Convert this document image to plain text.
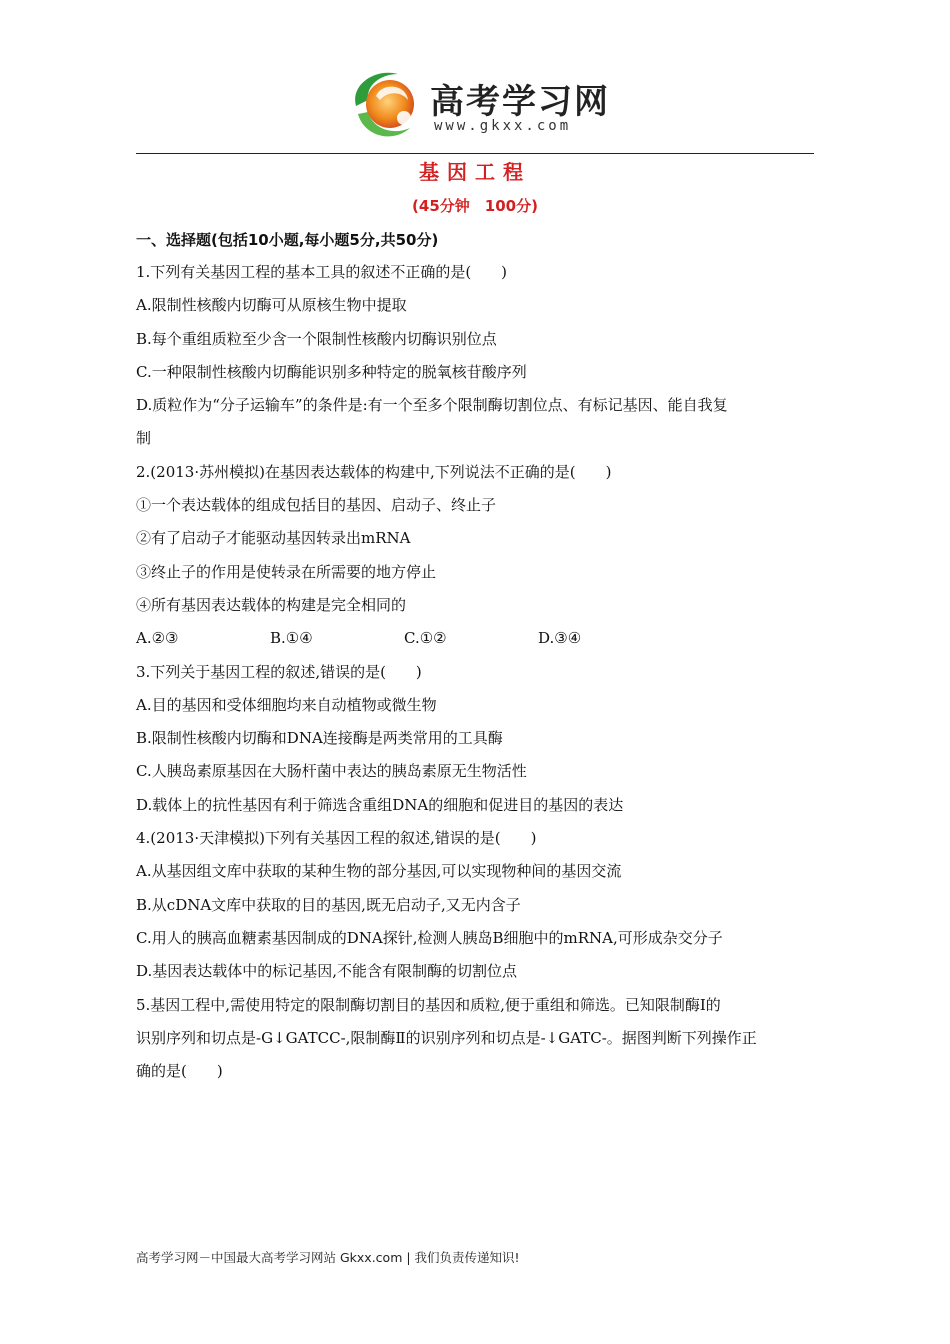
高考学习网
www.gkxx.com
基因工程
(45分钟　100分)
一、选择题(包括10小题,每小题5分,共50分)
1.下列有关基因工程的基本工具的叙述不正确的是(　　)
A.限制性核酸内切酶可从原核生物中提取
B.每个重组质粒至少含一个限制性核酸内切酶识别位点
C.一种限制性核酸内切酶能识别多种特定的脱氧核苷酸序列
D.质粒作为“分子运输车”的条件是:有一个至多个限制酶切割位点、有标记基因、能自我复
制
2.(2013·苏州模拟)在基因表达载体的构建中,下列说法不正确的是(　　)
①一个表达载体的组成包括目的基因、启动子、终止子
②有了启动子才能驱动基因转录出mRNA
③终止子的作用是使转录在所需要的地方停止
④所有基因表达载体的构建是完全相同的
A.②③	B.①④	C.①②	D.③④
3.下列关于基因工程的叙述,错误的是(　　)
A.目的基因和受体细胞均来自动植物或微生物
B.限制性核酸内切酶和DNA连接酶是两类常用的工具酶
C.人胰岛素原基因在大肠杆菌中表达的胰岛素原无生物活性
D.载体上的抗性基因有利于筛选含重组DNA的细胞和促进目的基因的表达
4.(2013·天津模拟)下列有关基因工程的叙述,错误的是(　　)
A.从基因组文库中获取的某种生物的部分基因,可以实现物种间的基因交流
B.从cDNA文库中获取的目的基因,既无启动子,又无内含子
C.用人的胰高血糖素基因制成的DNA探针,检测人胰岛B细胞中的mRNA,可形成杂交分子
D.基因表达载体中的标记基因,不能含有限制酶的切割位点
5.基因工程中,需使用特定的限制酶切割目的基因和质粒,便于重组和筛选。已知限制酶Ⅰ的
识别序列和切点是-G↓GATCC-,限制酶Ⅱ的识别序列和切点是-↓GATC-。据图判断下列操作正
确的是(　　)
高考学习网－中国最大高考学习网站 Gkxx.com | 我们负责传递知识!
